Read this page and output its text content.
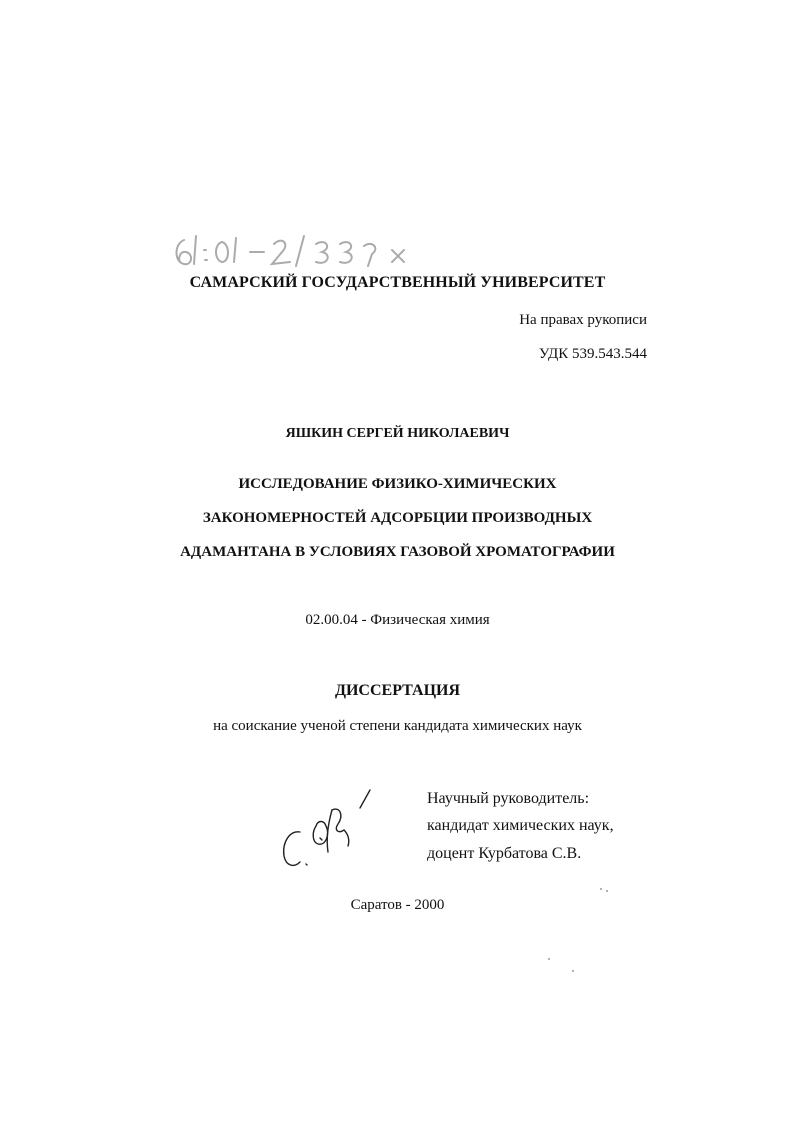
САМАРСКИЙ ГОСУДАРСТВЕННЫЙ УНИВЕРСИТЕТ
На правах рукописи
УДК 539.543.544
ЯШКИН СЕРГЕЙ НИКОЛАЕВИЧ
ИССЛЕДОВАНИЕ ФИЗИКО-ХИМИЧЕСКИХ
ЗАКОНОМЕРНОСТЕЙ АДСОРБЦИИ ПРОИЗВОДНЫХ
АДАМАНТАНА В УСЛОВИЯХ ГАЗОВОЙ ХРОМАТОГРАФИИ
02.00.04 - Физическая химия
ДИССЕРТАЦИЯ
на соискание ученой степени кандидата химических наук
Научный руководитель:
кандидат химических наук,
доцент Курбатова С.В.
Саратов - 2000
